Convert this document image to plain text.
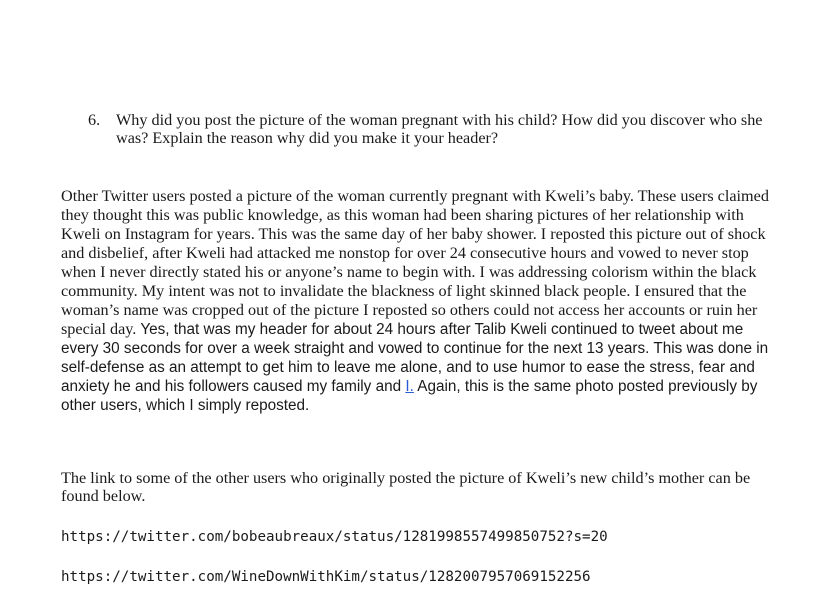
6. Why did you post the picture of the woman pregnant with his child? How did you discover who she was? Explain the reason why did you make it your header?
Other Twitter users posted a picture of the woman currently pregnant with Kweli’s baby. These users claimed they thought this was public knowledge, as this woman had been sharing pictures of her relationship with Kweli on Instagram for years. This was the same day of her baby shower. I reposted this picture out of shock and disbelief, after Kweli had attacked me nonstop for over 24 consecutive hours and vowed to never stop when I never directly stated his or anyone’s name to begin with. I was addressing colorism within the black community. My intent was not to invalidate the blackness of light skinned black people. I ensured that the woman’s name was cropped out of the picture I reposted so others could not access her accounts or ruin her special day. Yes, that was my header for about 24 hours after Talib Kweli continued to tweet about me every 30 seconds for over a week straight and vowed to continue for the next 13 years. This was done in self-defense as an attempt to get him to leave me alone, and to use humor to ease the stress, fear and anxiety he and his followers caused my family and I. Again, this is the same photo posted previously by other users, which I simply reposted.
The link to some of the other users who originally posted the picture of Kweli’s new child’s mother can be found below.
https://twitter.com/bobeaubreaux/status/1281998557499850752?s=20
https://twitter.com/WineDownWithKim/status/1282007957069152256
